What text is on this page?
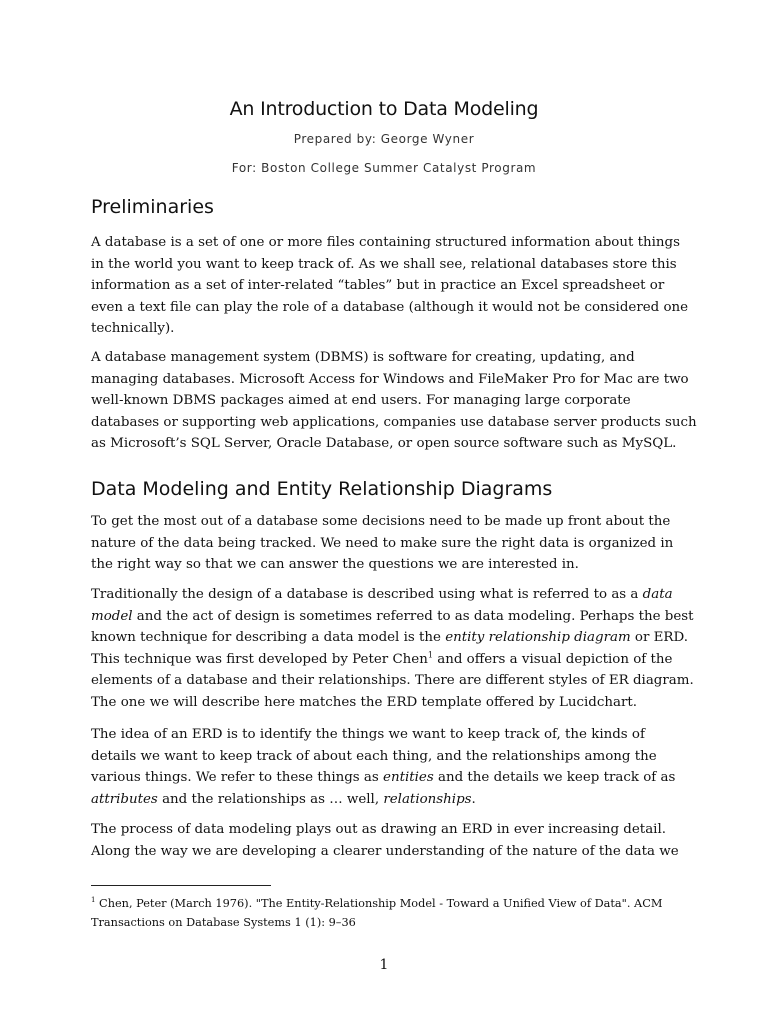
An Introduction to Data Modeling
Prepared by: George Wyner
For: Boston College Summer Catalyst Program
Preliminaries

A database is a set of one or more files containing structured information about things
in the world you want to keep track of. As we shall see, relational databases store this
information as a set of inter-related “tables” but in practice an Excel spreadsheet or
even a text file can play the role of a database (although it would not be considered one
technically).

A database management system (DBMS) is software for creating, updating, and
managing databases. Microsoft Access for Windows and FileMaker Pro for Mac are two
well-known DBMS packages aimed at end users. For managing large corporate
databases or supporting web applications, companies use database server products such
as Microsoft’s SQL Server, Oracle Database, or open source software such as MySQL.

Data Modeling and Entity Relationship Diagrams

To get the most out of a database some decisions need to be made up front about the
nature of the data being tracked. We need to make sure the right data is organized in
the right way so that we can answer the questions we are interested in.

Traditionally the design of a database is described using what is referred to as a data
model and the act of design is sometimes referred to as data modeling. Perhaps the best
known technique for describing a data model is the entity relationship diagram or ERD.
This technique was first developed by Peter Chen$^1$ and offers a visual depiction of the
elements of a database and their relationships. There are different styles of ER diagram.
The one we will describe here matches the ERD template offered by Lucidchart.

The idea of an ERD is to identify the things we want to keep track of, the kinds of
details we want to keep track of about each thing, and the relationships among the
various things. We refer to these things as entities and the details we keep track of as
attributes and the relationships as … well, relationships.

The process of data modeling plays out as drawing an ERD in ever increasing detail.
Along the way we are developing a clearer understanding of the nature of the data we

$^1$ Chen, Peter (March 1976). "The Entity-Relationship Model - Toward a Unified View of Data". ACM
Transactions on Database Systems 1 (1): 9–36
1
